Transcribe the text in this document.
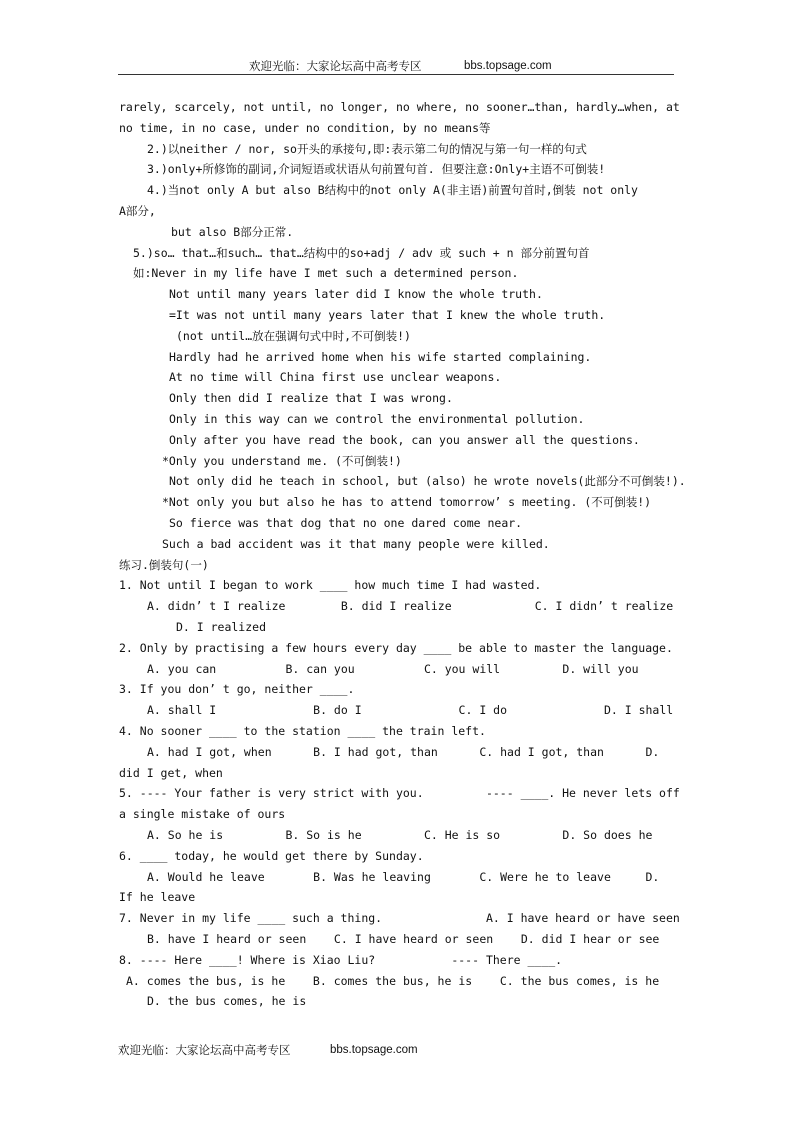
欢迎光临：大家论坛高中高考专区	bbs.topsage.com
rarely, scarcely, not until, no longer, no where, no sooner…than, hardly…when, at
no time, in no case, under no condition, by no means等
2.)以neither / nor, so开头的承接句,即:表示第二句的情况与第一句一样的句式
3.)only+所修饰的副词,介词短语或状语从句前置句首. 但要注意:Only+主语不可倒装!
4.)当not only A but also B结构中的not only A(非主语)前置句首时,倒装 not only
A部分,
but also B部分正常.
5.)so… that…和such… that…结构中的so+adj / adv 或 such + n 部分前置句首
如:Never in my life have I met such a determined person.
Not until many years later did I know the whole truth.
=It was not until many years later that I knew the whole truth.
(not until…放在强调句式中时,不可倒装!)
Hardly had he arrived home when his wife started complaining.
At no time will China first use unclear weapons.
Only then did I realize that I was wrong.
Only in this way can we control the environmental pollution.
Only after you have read the book, can you answer all the questions.
*Only you understand me. (不可倒装!)
Not only did he teach in school, but (also) he wrote novels(此部分不可倒装!).
*Not only you but also he has to attend tomorrow’ s meeting. (不可倒装!)
So fierce was that dog that no one dared come near.
Such a bad accident was it that many people were killed.
练习.倒装句(一)
1. Not until I began to work ____ how much time I had wasted.
A. didn’ t I realize        B. did I realize            C. I didn’ t realize
D. I realized
2. Only by practising a few hours every day ____ be able to master the language.
A. you can          B. can you          C. you will         D. will you
3. If you don’ t go, neither ____.
A. shall I              B. do I              C. I do              D. I shall
4. No sooner ____ to the station ____ the train left.
A. had I got, when      B. I had got, than      C. had I got, than      D.
did I get, when
5. ---- Your father is very strict with you.         ---- ____. He never lets off
a single mistake of ours
A. So he is         B. So is he         C. He is so         D. So does he
6. ____ today, he would get there by Sunday.
A. Would he leave       B. Was he leaving       C. Were he to leave     D.
If he leave
7. Never in my life ____ such a thing.               A. I have heard or have seen
B. have I heard or seen    C. I have heard or seen    D. did I hear or see
8. ---- Here ____! Where is Xiao Liu?           ---- There ____.
A. comes the bus, is he    B. comes the bus, he is    C. the bus comes, is he
D. the bus comes, he is
欢迎光临：大家论坛高中高考专区	bbs.topsage.com
